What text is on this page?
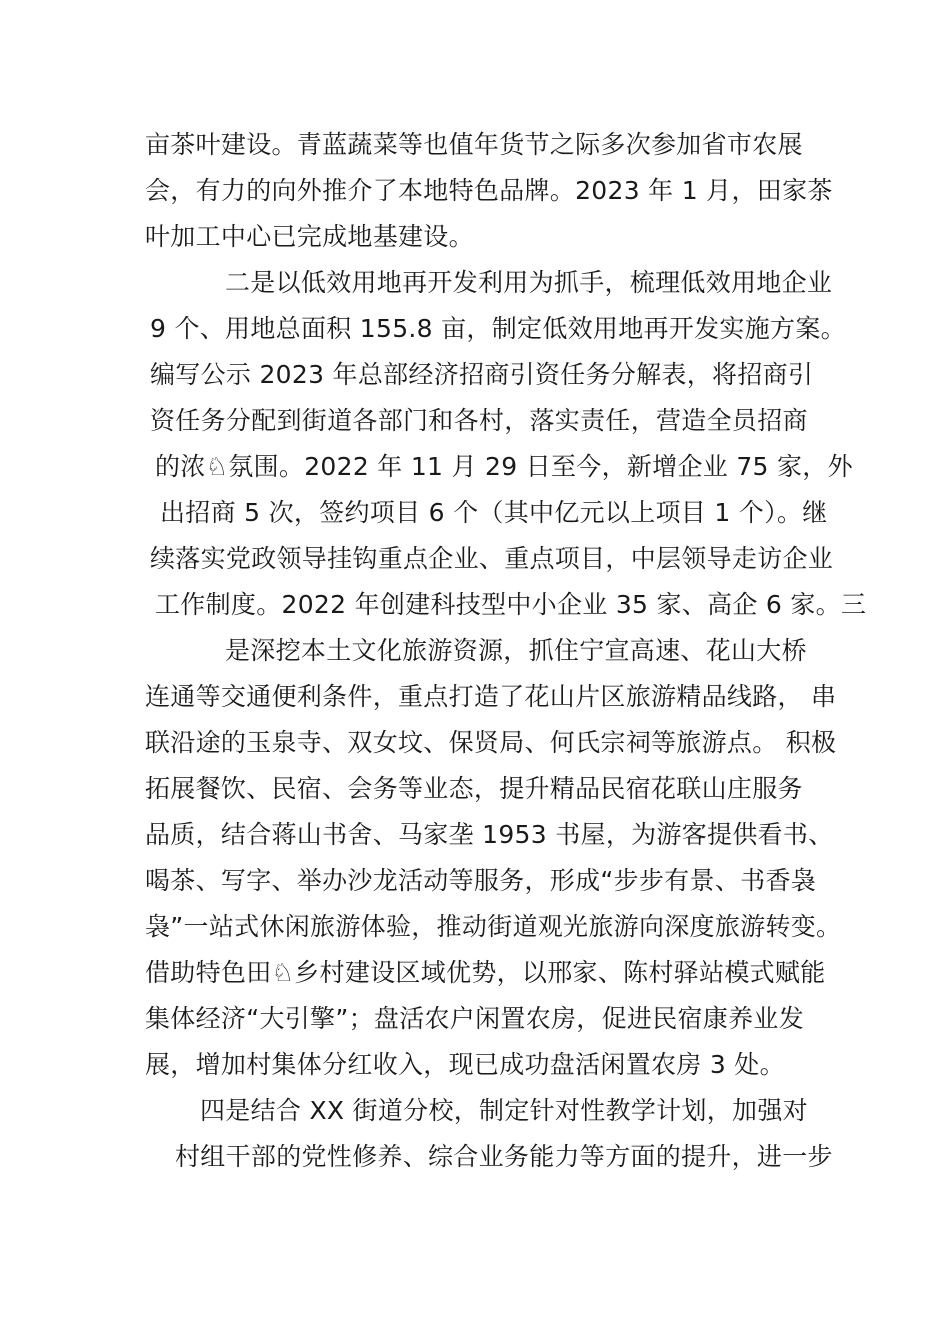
亩茶叶建设。青蓝蔬菜等也值年货节之际多次参加省市农展
会，有力的向外推介了本地特色品牌。2023 年 1 月，田家茶
叶加工中心已完成地基建设。
二是以低效用地再开发利用为抓手，梳理低效用地企业
9 个、用地总面积 155.8 亩，制定低效用地再开发实施方案。
编写公示 2023 年总部经济招商引资任务分解表，将招商引
资任务分配到街道各部门和各村，落实责任，营造全员招商
的浓♘氛围。2022 年 11 月 29 日至今，新增企业 75 家，外
出招商 5 次，签约项目 6 个（其中亿元以上项目 1 个）。继
续落实党政领导挂钩重点企业、重点项目，中层领导走访企业
工作制度。2022 年创建科技型中小企业 35 家、高企 6 家。三
是深挖本土文化旅游资源，抓住宁宣高速、花山大桥
连通等交通便利条件，重点打造了花山片区旅游精品线路， 串
联沿途的玉泉寺、双女坟、保贤局、何氏宗祠等旅游点。 积极
拓展餐饮、民宿、会务等业态，提升精品民宿花联山庄服务
品质，结合蒋山书舍、马家垄 1953 书屋，为游客提供看书、
喝茶、写字、举办沙龙活动等服务，形成“步步有景、书香袅
袅”一站式休闲旅游体验，推动街道观光旅游向深度旅游转变。
借助特色田♘乡村建设区域优势，以邢家、陈村驿站模式赋能
集体经济“大引擎”；盘活农户闲置农房，促进民宿康养业发
展，增加村集体分红收入，现已成功盘活闲置农房 3 处。
四是结合 XX 街道分校，制定针对性教学计划，加强对
村组干部的党性修养、综合业务能力等方面的提升，进一步
